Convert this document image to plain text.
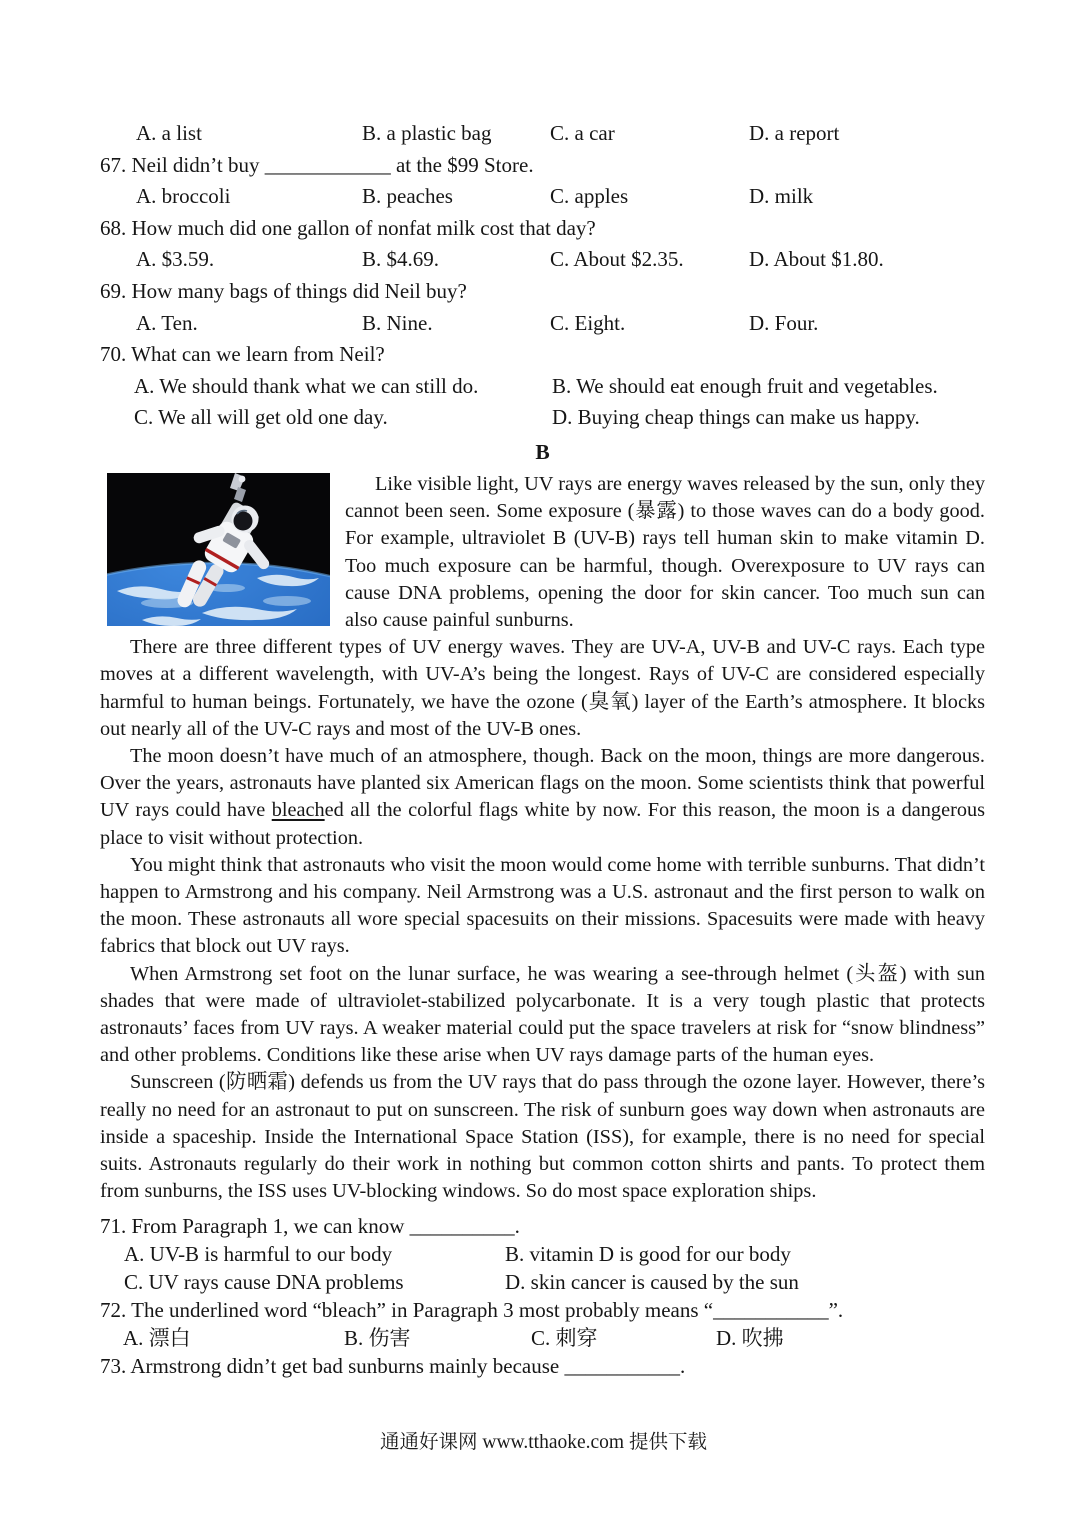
A. a list	B. a plastic bag	C. a car	D. a report
67. Neil didn’t buy ____________ at the $99 Store.
A. broccoli	B. peaches	C. apples	D. milk
68. How much did one gallon of nonfat milk cost that day?
A. $3.59.	B. $4.69.	C. About $2.35.	D. About $1.80.
69. How many bags of things did Neil buy?
A. Ten.	B. Nine.	C. Eight.	D. Four.
70. What can we learn from Neil?
A. We should thank what we can still do.	B. We should eat enough fruit and vegetables.
C. We all will get old one day.	D. Buying cheap things can make us happy.
B

Like visible light, UV rays are energy waves released by the sun, only they cannot been seen. Some exposure (暴露) to those waves can do a body good. For example, ultraviolet B (UV-B) rays tell human skin to make vitamin D. Too much exposure can be harmful, though. Overexposure to UV rays can cause DNA problems, opening the door for skin cancer. Too much sun can also cause painful sunburns.

There are three different types of UV energy waves. They are UV-A, UV-B and UV-C rays. Each type moves at a different wavelength, with UV-A’s being the longest. Rays of UV-C are considered especially harmful to human beings. Fortunately, we have the ozone (臭氧) layer of the Earth’s atmosphere. It blocks out nearly all of the UV-C rays and most of the UV-B ones.

The moon doesn’t have much of an atmosphere, though. Back on the moon, things are more dangerous. Over the years, astronauts have planted six American flags on the moon. Some scientists think that powerful UV rays could have bleached all the colorful flags white by now. For this reason, the moon is a dangerous place to visit without protection.

You might think that astronauts who visit the moon would come home with terrible sunburns. That didn’t happen to Armstrong and his company. Neil Armstrong was a U.S. astronaut and the first person to walk on the moon. These astronauts all wore special spacesuits on their missions. Spacesuits were made with heavy fabrics that block out UV rays.

When Armstrong set foot on the lunar surface, he was wearing a see-through helmet (头盔) with sun shades that were made of ultraviolet-stabilized polycarbonate. It is a very tough plastic that protects astronauts’ faces from UV rays. A weaker material could put the space travelers at risk for “snow blindness” and other problems. Conditions like these arise when UV rays damage parts of the human eyes.

Sunscreen (防晒霜) defends us from the UV rays that do pass through the ozone layer. However, there’s really no need for an astronaut to put on sunscreen. The risk of sunburn goes way down when astronauts are inside a spaceship. Inside the International Space Station (ISS), for example, there is no need for special suits. Astronauts regularly do their work in nothing but common cotton shirts and pants. To protect them from sunburns, the ISS uses UV-blocking windows. So do most space exploration ships.

71. From Paragraph 1, we can know __________.
A. UV-B is harmful to our body	B. vitamin D is good for our body
C. UV rays cause DNA problems	D. skin cancer is caused by the sun
72. The underlined word “bleach” in Paragraph 3 most probably means “___________”.
A. 漂白	B. 伤害	C. 刺穿	D. 吹拂
73. Armstrong didn’t get bad sunburns mainly because ___________.
通通好课网 www.tthaoke.com 提供下载
